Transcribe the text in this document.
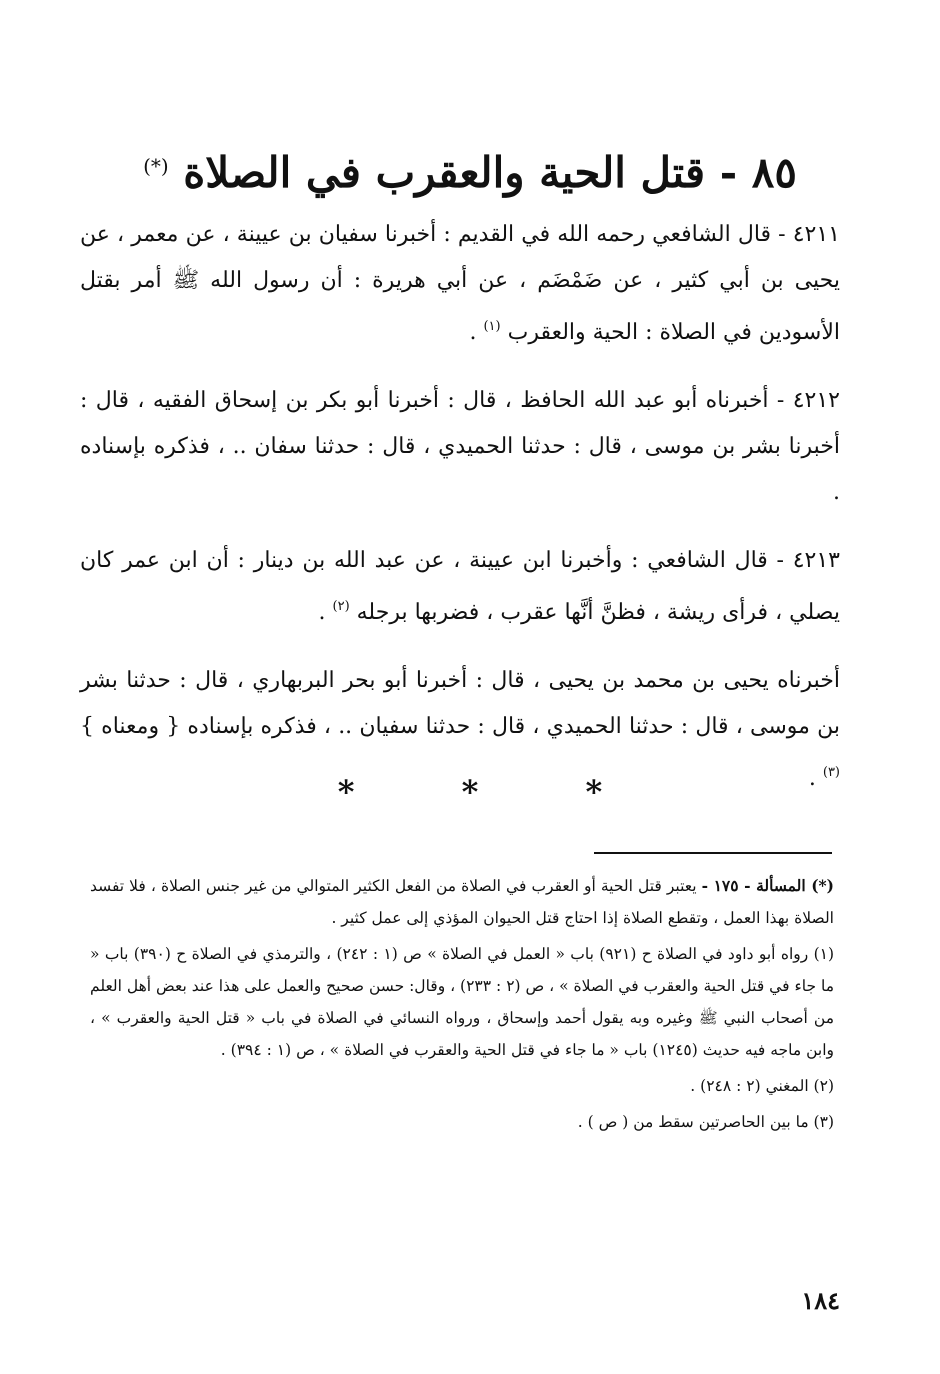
٨٥ - قتل الحية والعقرب في الصلاة (*)

٤٢١١ - قال الشافعي رحمه الله في القديم : أخبرنا سفيان بن عيينة ، عن معمر ، عن يحيى بن أبي كثير ، عن ضَمْضَم ، عن أبي هريرة : أن رسول الله ﷺ أمر بقتل الأسودين في الصلاة : الحية والعقرب $^{(١)}$ .

٤٢١٢ - أخبرناه أبو عبد الله الحافظ ، قال : أخبرنا أبو بكر بن إسحاق الفقيه ، قال : أخبرنا بشر بن موسى ، قال : حدثنا الحميدي ، قال : حدثنا سفان .. ، فذكره بإسناده .

٤٢١٣ - قال الشافعي : وأخبرنا ابن عيينة ، عن عبد الله بن دينار : أن ابن عمر كان يصلي ، فرأى ريشة ، فظنَّ أنَّها عقرب ، فضربها برجله $^{(٢)}$ .

أخبرناه يحيى بن محمد بن يحيى ، قال : أخبرنا أبو بحر البربهاري ، قال : حدثنا بشر بن موسى ، قال : حدثنا الحميدي ، قال : حدثنا سفيان .. ، فذكره بإسناده { ومعناه } $^{(٣)}$ .

* * *

(*) المسألة - ١٧٥ - يعتبر قتل الحية أو العقرب في الصلاة من الفعل الكثير المتوالي من غير جنس الصلاة ، فلا تفسد الصلاة بهذا العمل ، وتقطع الصلاة إذا احتاج قتل الحيوان المؤذي إلى عمل كثير .

(١) رواه أبو داود في الصلاة ح (٩٢١) باب « العمل في الصلاة » ص (١ : ٢٤٢) ، والترمذي في الصلاة ح (٣٩٠) باب « ما جاء في قتل الحية والعقرب في الصلاة » ، ص (٢ : ٢٣٣) ، وقال: حسن صحيح والعمل على هذا عند بعض أهل العلم من أصحاب النبي ﷺ وغيره وبه يقول أحمد وإسحاق ، ورواه النسائي في الصلاة في باب « قتل الحية والعقرب » ، وابن ماجه فيه حديث (١٢٤٥) باب « ما جاء في قتل الحية والعقرب في الصلاة » ، ص (١ : ٣٩٤) .

(٢) المغني (٢ : ٢٤٨) .

(٣) ما بين الحاصرتين سقط من ( ص ) .

١٨٤
